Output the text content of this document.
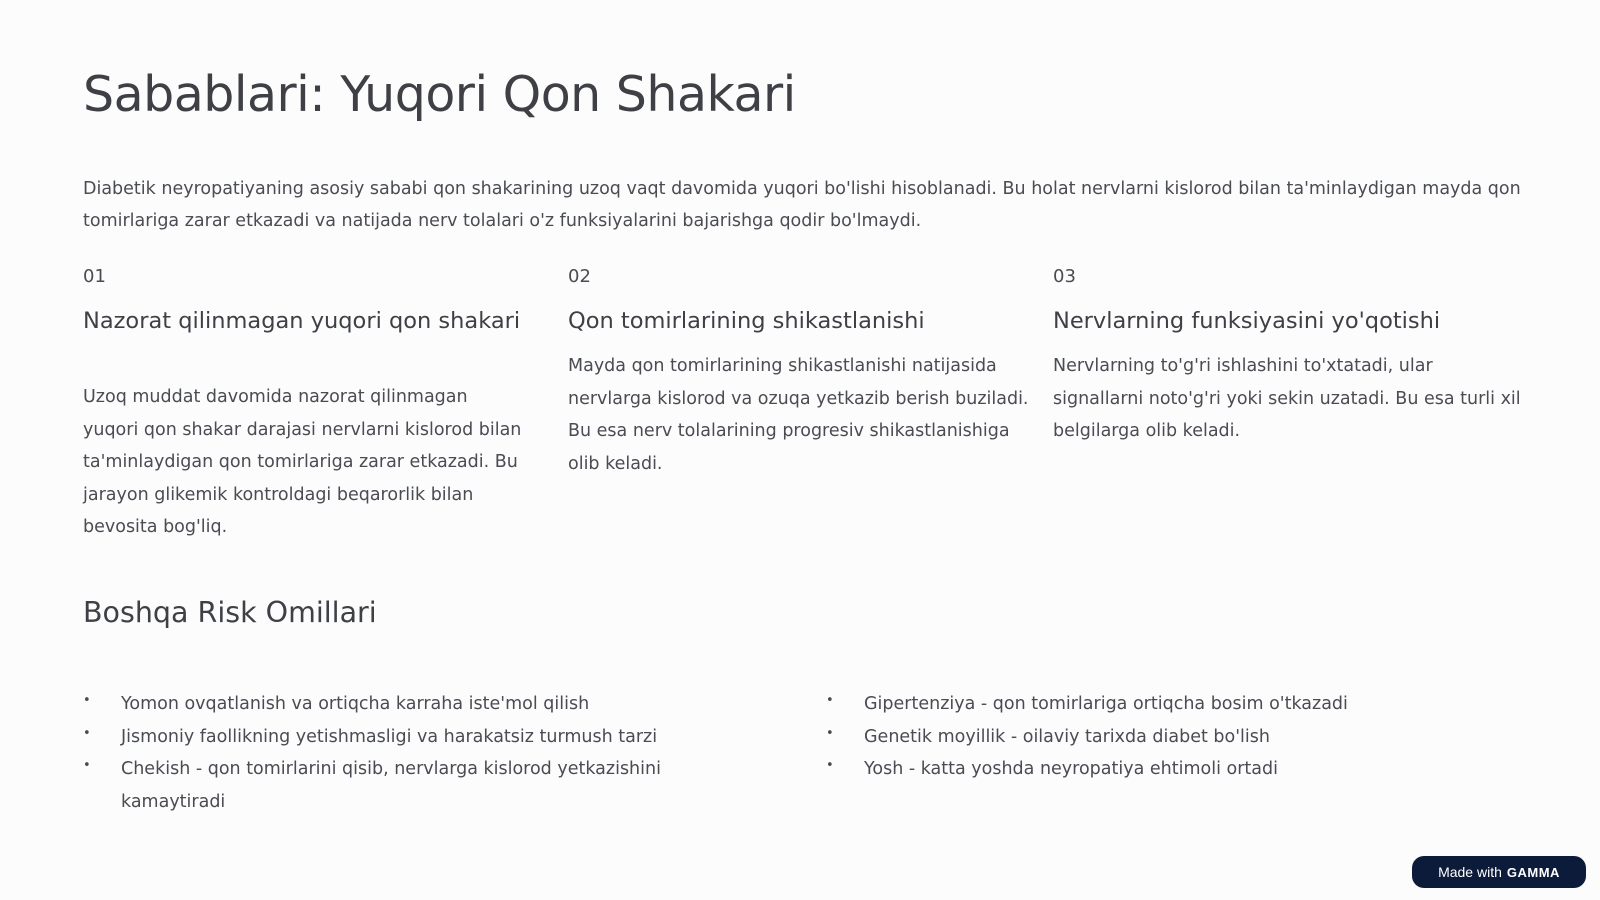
Sabablari: Yuqori Qon Shakari

Diabetik neyropatiyaning asosiy sababi qon shakarining uzoq vaqt davomida yuqori bo'lishi hisoblanadi. Bu holat nervlarni kislorod bilan ta'minlaydigan mayda qon tomirlariga zarar etkazadi va natijada nerv tolalari o'z funksiyalarini bajarishga qodir bo'lmaydi.

01
Nazorat qilinmagan yuqori qon shakari

Uzoq muddat davomida nazorat qilinmagan yuqori qon shakar darajasi nervlarni kislorod bilan ta'minlaydigan qon tomirlariga zarar etkazadi. Bu jarayon glikemik kontroldagi beqarorlik bilan bevosita bog'liq.

02
Qon tomirlarining shikastlanishi

Mayda qon tomirlarining shikastlanishi natijasida nervlarga kislorod va ozuqa yetkazib berish buziladi. Bu esa nerv tolalarining progresiv shikastlanishiga olib keladi.

03
Nervlarning funksiyasini yo'qotishi

Nervlarning to'g'ri ishlashini to'xtatadi, ular signallarni noto'g'ri yoki sekin uzatadi. Bu esa turli xil belgilarga olib keladi.

Boshqa Risk Omillari
• Yomon ovqatlanish va ortiqcha karraha iste'mol qilish
• Jismoniy faollikning yetishmasligi va harakatsiz turmush tarzi
• Chekish - qon tomirlarini qisib, nervlarga kislorod yetkazishini kamaytiradi
• Gipertenziya - qon tomirlariga ortiqcha bosim o'tkazadi
• Genetik moyillik - oilaviy tarixda diabet bo'lish
• Yosh - katta yoshda neyropatiya ehtimoli ortadi
Made with GAMMA
